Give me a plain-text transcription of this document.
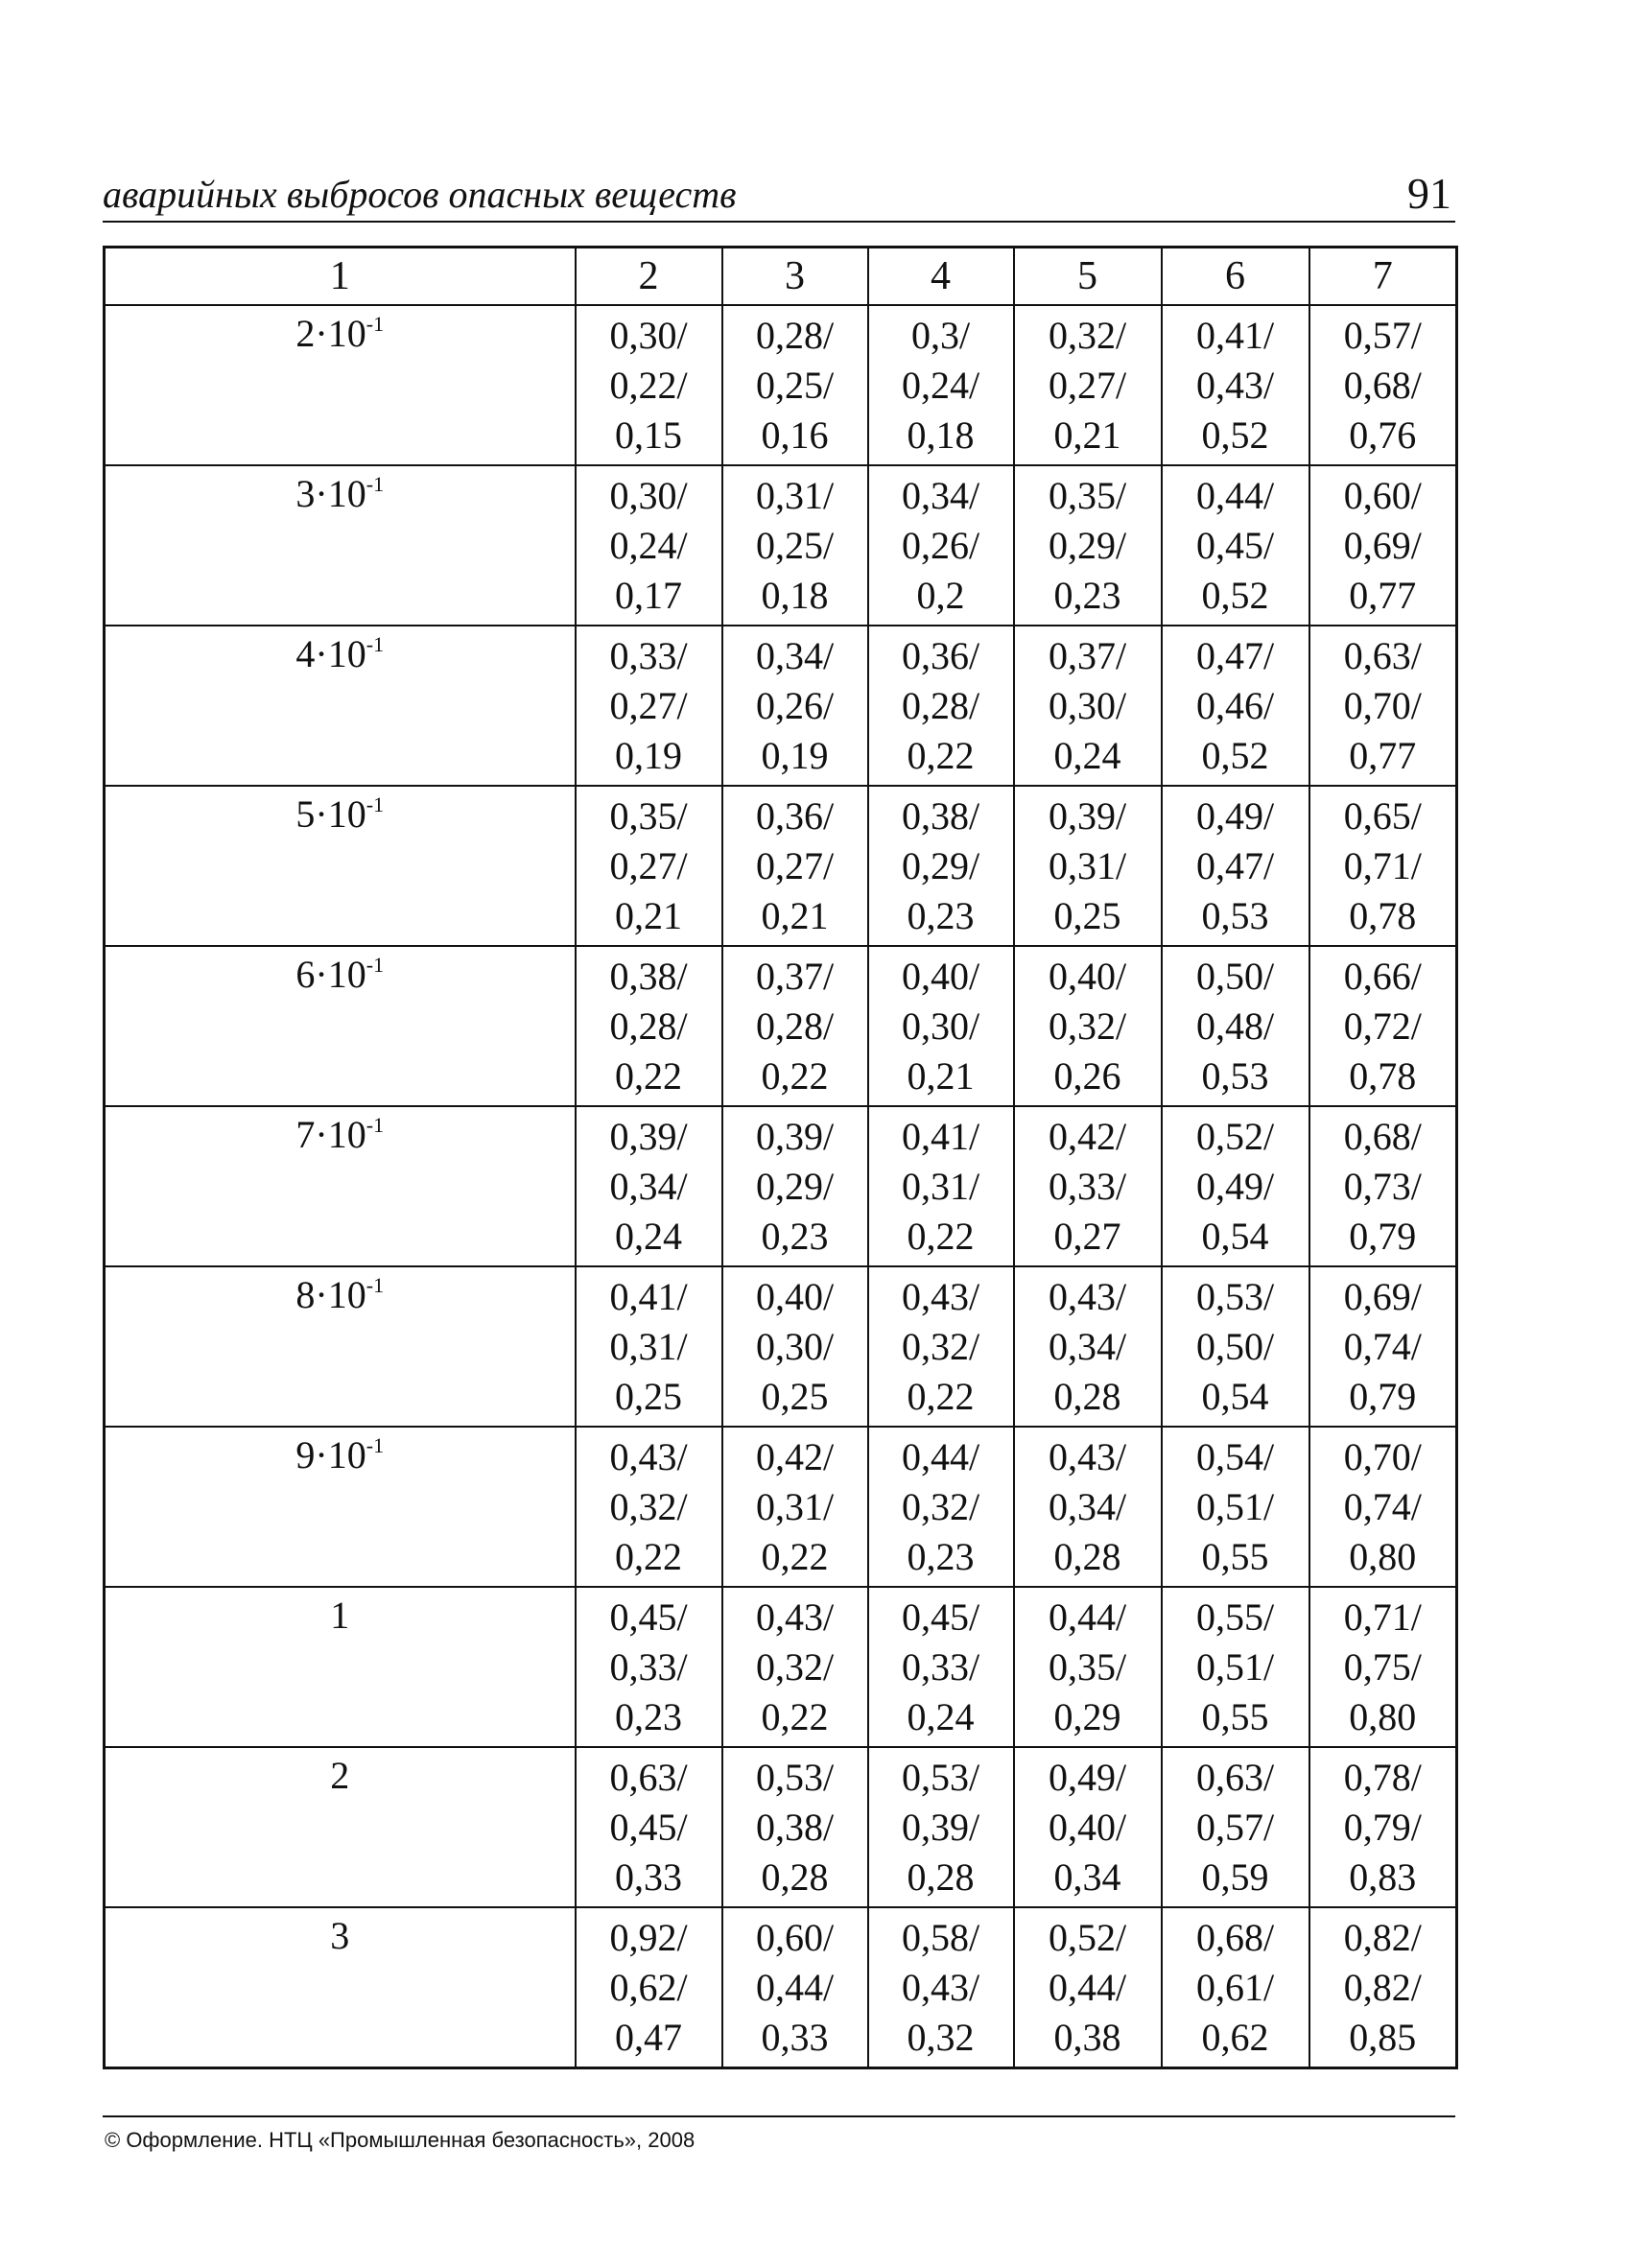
аварийных выбросов опасных веществ	91
1	2	3	4	5	6	7

$2\cdot 10^{-1}$	0,30/
0,22/
0,15	0,28/
0,25/
0,16	0,3/
0,24/
0,18	0,32/
0,27/
0,21	0,41/
0,43/
0,52	0,57/
0,68/
0,76

$3\cdot 10^{-1}$	0,30/
0,24/
0,17	0,31/
0,25/
0,18	0,34/
0,26/
0,2	0,35/
0,29/
0,23	0,44/
0,45/
0,52	0,60/
0,69/
0,77

$4\cdot 10^{-1}$	0,33/
0,27/
0,19	0,34/
0,26/
0,19	0,36/
0,28/
0,22	0,37/
0,30/
0,24	0,47/
0,46/
0,52	0,63/
0,70/
0,77

$5\cdot 10^{-1}$	0,35/
0,27/
0,21	0,36/
0,27/
0,21	0,38/
0,29/
0,23	0,39/
0,31/
0,25	0,49/
0,47/
0,53	0,65/
0,71/
0,78

$6\cdot 10^{-1}$	0,38/
0,28/
0,22	0,37/
0,28/
0,22	0,40/
0,30/
0,21	0,40/
0,32/
0,26	0,50/
0,48/
0,53	0,66/
0,72/
0,78

$7\cdot 10^{-1}$	0,39/
0,34/
0,24	0,39/
0,29/
0,23	0,41/
0,31/
0,22	0,42/
0,33/
0,27	0,52/
0,49/
0,54	0,68/
0,73/
0,79

$8\cdot 10^{-1}$	0,41/
0,31/
0,25	0,40/
0,30/
0,25	0,43/
0,32/
0,22	0,43/
0,34/
0,28	0,53/
0,50/
0,54	0,69/
0,74/
0,79

$9\cdot 10^{-1}$	0,43/
0,32/
0,22	0,42/
0,31/
0,22	0,44/
0,32/
0,23	0,43/
0,34/
0,28	0,54/
0,51/
0,55	0,70/
0,74/
0,80

1	0,45/
0,33/
0,23	0,43/
0,32/
0,22	0,45/
0,33/
0,24	0,44/
0,35/
0,29	0,55/
0,51/
0,55	0,71/
0,75/
0,80

2	0,63/
0,45/
0,33	0,53/
0,38/
0,28	0,53/
0,39/
0,28	0,49/
0,40/
0,34	0,63/
0,57/
0,59	0,78/
0,79/
0,83

3	0,92/
0,62/
0,47	0,60/
0,44/
0,33	0,58/
0,43/
0,32	0,52/
0,44/
0,38	0,68/
0,61/
0,62	0,82/
0,82/
0,85
© Оформление. НТЦ «Промышленная безопасность», 2008
